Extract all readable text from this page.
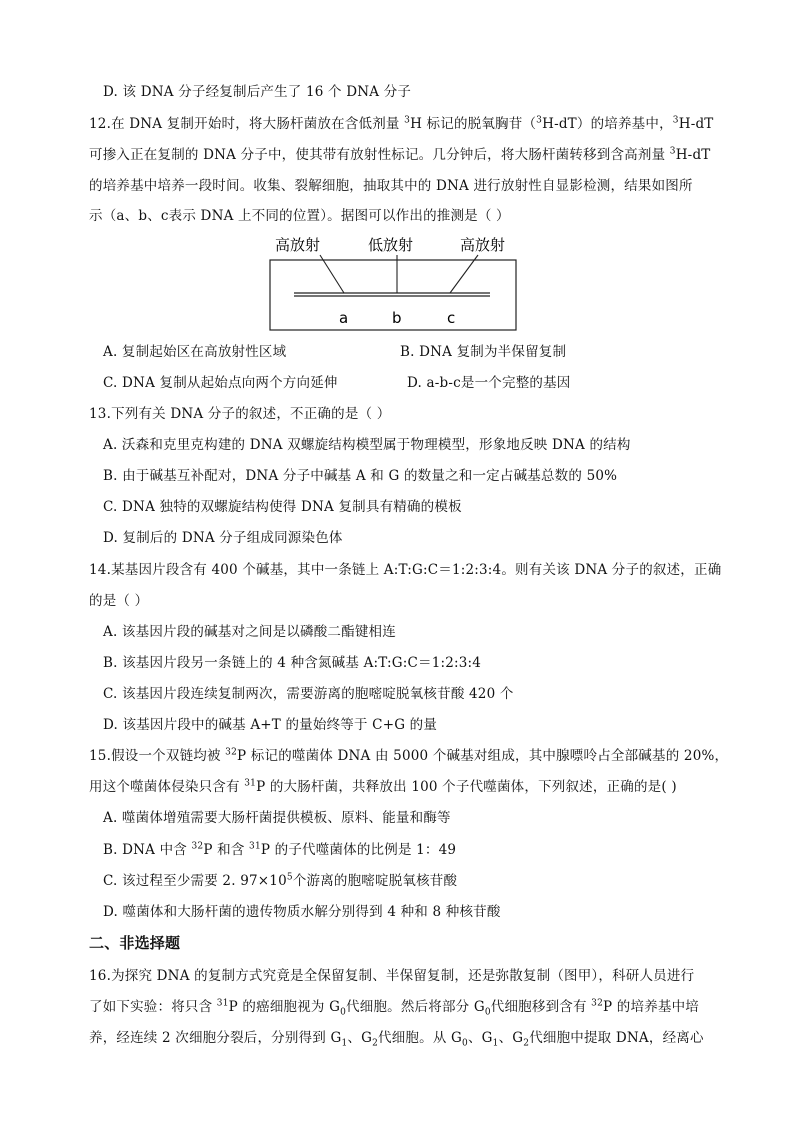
D. 该 DNA 分子经复制后产生了 16 个 DNA 分子
12.在 DNA 复制开始时，将大肠杆菌放在含低剂量 $^3$H 标记的脱氧胸苷（$^3$H-dT）的培养基中，$^3$H-dT
可掺入正在复制的 DNA 分子中，使其带有放射性标记。几分钟后，将大肠杆菌转移到含高剂量 $^3$H-dT
的培养基中培养一段时间。收集、裂解细胞，抽取其中的 DNA 进行放射性自显影检测，结果如图所
示（a、b、c表示 DNA 上不同的位置）。据图可以作出的推测是（ ）
高放射	低放射	高放射
a	b	c
A. 复制起始区在高放射性区域	B. DNA 复制为半保留复制
C. DNA 复制从起始点向两个方向延伸	D. a-b-c是一个完整的基因
13.下列有关 DNA 分子的叙述，不正确的是（ ）
A. 沃森和克里克构建的 DNA 双螺旋结构模型属于物理模型，形象地反映 DNA 的结构
B. 由于碱基互补配对，DNA 分子中碱基 A 和 G 的数量之和一定占碱基总数的 50%
C. DNA 独特的双螺旋结构使得 DNA 复制具有精确的模板
D. 复制后的 DNA 分子组成同源染色体
14.某基因片段含有 400 个碱基，其中一条链上 A:T:G:C＝1:2:3:4。则有关该 DNA 分子的叙述，正确
的是（ ）
A. 该基因片段的碱基对之间是以磷酸二酯键相连
B. 该基因片段另一条链上的 4 种含氮碱基 A:T:G:C＝1:2:3:4
C. 该基因片段连续复制两次，需要游离的胞嘧啶脱氧核苷酸 420 个
D. 该基因片段中的碱基 A+T 的量始终等于 C+G 的量
15.假设一个双链均被 $^{32}$P 标记的噬菌体 DNA 由 5000 个碱基对组成，其中腺嘌呤占全部碱基的 20%，
用这个噬菌体侵染只含有 $^{31}$P 的大肠杆菌，共释放出 100 个子代噬菌体，下列叙述，正确的是( )
A. 噬菌体增殖需要大肠杆菌提供模板、原料、能量和酶等
B. DNA 中含 $^{32}$P 和含 $^{31}$P 的子代噬菌体的比例是 1：49
C. 该过程至少需要 2. $97\times 10^5$个游离的胞嘧啶脱氧核苷酸
D. 噬菌体和大肠杆菌的遗传物质水解分别得到 4 种和 8 种核苷酸
二、非选择题
16.为探究 DNA 的复制方式究竟是全保留复制、半保留复制，还是弥散复制（图甲），科研人员进行
了如下实验：将只含 $^{31}$P 的癌细胞视为 $G_0$代细胞。然后将部分 $G_0$代细胞移到含有 $^{32}$P 的培养基中培
养，经连续 2 次细胞分裂后，分别得到 $G_1$、$G_2$代细胞。从 $G_0$、$G_1$、$G_2$代细胞中提取 DNA，经离心
